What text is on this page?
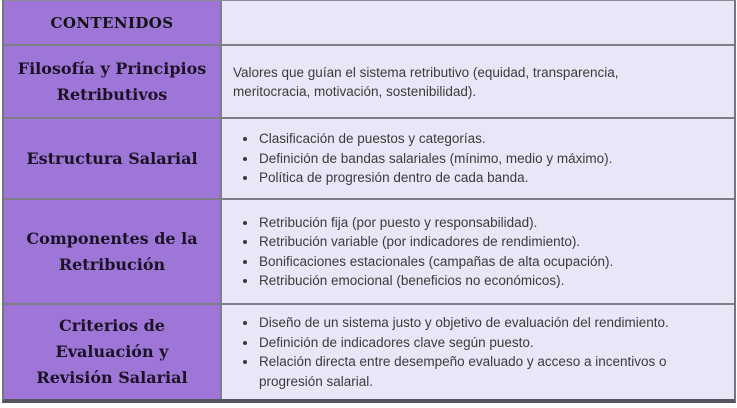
CONTENIDOS
Filosofía y Principios Retributivos

Valores que guían el sistema retributivo (equidad, transparencia, meritocracia, motivación, sostenibilidad).

Estructura Salarial
• Clasificación de puestos y categorías.
• Definición de bandas salariales (mínimo, medio y máximo).
• Política de progresión dentro de cada banda.
Componentes de la Retribución
• Retribución fija (por puesto y responsabilidad).
• Retribución variable (por indicadores de rendimiento).
• Bonificaciones estacionales (campañas de alta ocupación).
• Retribución emocional (beneficios no económicos).
Criterios de Evaluación y Revisión Salarial
• Diseño de un sistema justo y objetivo de evaluación del rendimiento.
• Definición de indicadores clave según puesto.
• Relación directa entre desempeño evaluado y acceso a incentivos o progresión salarial.
